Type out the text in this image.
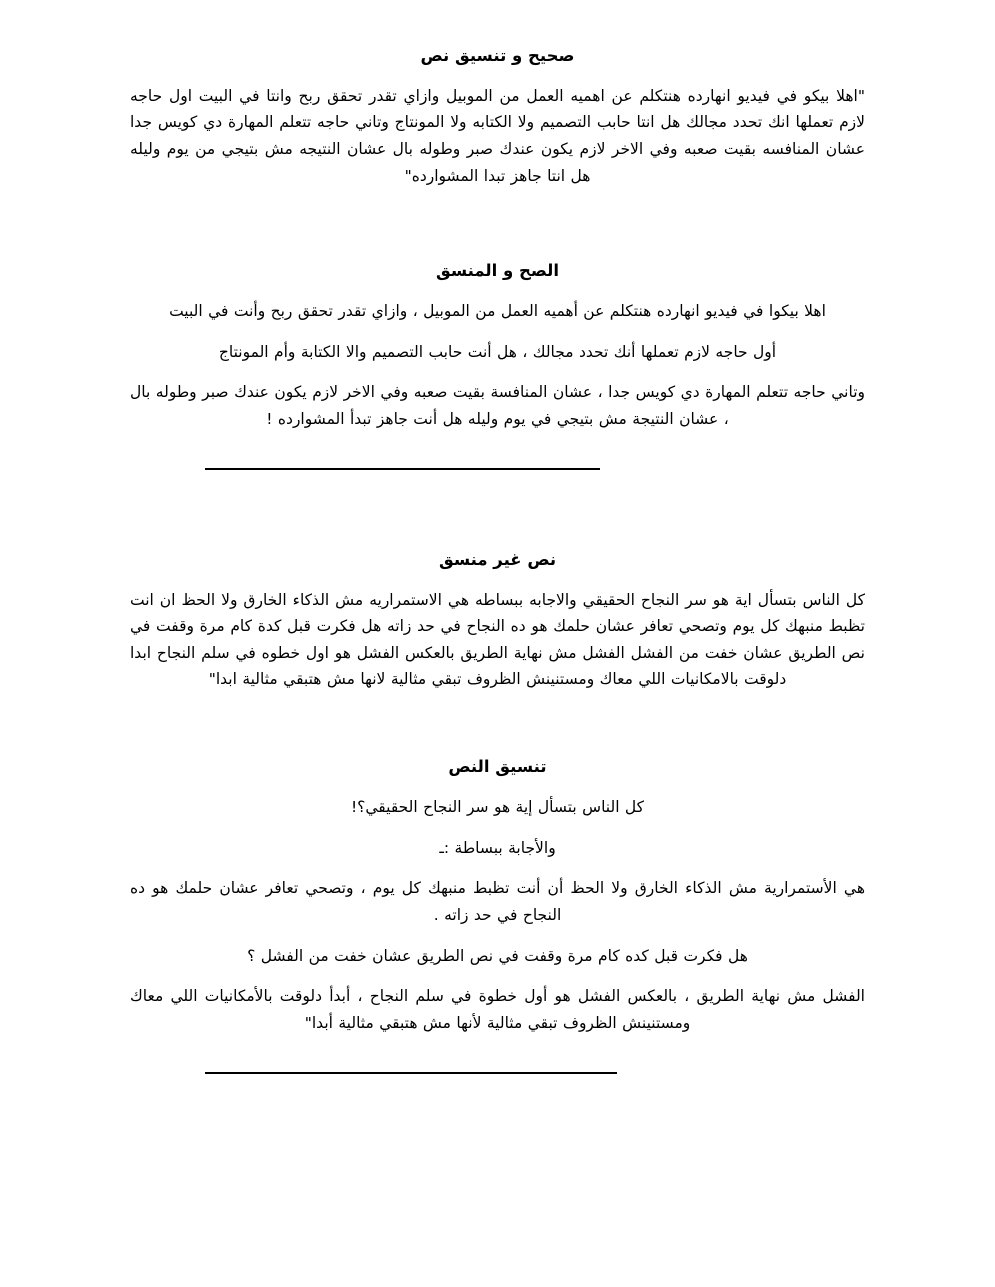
صحيح و تنسيق نص

"اهلا بيكو في فيديو انهارده هنتكلم عن اهميه العمل من الموبيل وازاي تقدر تحقق ربح وانتا في البيت اول حاجه لازم تعملها انك تحدد مجالك هل انتا حابب التصميم ولا الكتابه ولا المونتاج وتاني حاجه تتعلم المهارة دي كويس جدا عشان المنافسه بقيت صعبه وفي الاخر لازم يكون عندك صبر وطوله بال عشان النتيجه مش بتيجي من يوم وليله هل انتا جاهز تبدا المشوارده"

الصح و المنسق

اهلا بيكوا في فيديو انهارده هنتكلم عن أهميه العمل من الموبيل ، وازاي تقدر تحقق ربح وأنت في البيت

أول حاجه لازم تعملها أنك تحدد مجالك ، هل أنت حابب التصميم والا الكتابة وأم المونتاج

وتاني حاجه تتعلم المهارة دي كويس جدا ، عشان المنافسة بقيت صعبه وفي الاخر لازم يكون عندك صبر وطوله بال ، عشان النتيجة مش بتيجي في يوم وليله هل أنت جاهز تبدأ المشوارده !

نص غير منسق

كل الناس بتسأل اية هو سر النجاح الحقيقي والاجابه ببساطه هي الاستمراريه مش الذكاء الخارق ولا الحظ ان انت تظبط منبهك كل يوم وتصحي تعافر عشان حلمك هو ده النجاح في حد زاته هل فكرت قبل كدة كام مرة وقفت في نص الطريق عشان خفت من الفشل الفشل مش نهاية الطريق بالعكس الفشل هو اول خطوه في سلم النجاح ابدا دلوقت بالامكانيات اللي معاك ومستنينش الظروف تبقي مثالية لانها مش هتبقي مثالية ابدا"

تنسيق النص

كل الناس بتسأل إية هو سر النجاح الحقيقي؟!

والأجابة ببساطة :ـ

هي الأستمرارية مش الذكاء الخارق ولا الحظ أن أنت تظبط منبهك كل يوم ، وتصحي تعافر عشان حلمك هو ده النجاح في حد زاته .

هل فكرت قبل كده كام مرة وقفت في نص الطريق عشان خفت من الفشل ؟

الفشل مش نهاية الطريق ، بالعكس الفشل هو أول خطوة في سلم النجاح ، أبدأ دلوقت بالأمكانيات اللي معاك ومستنينش الظروف تبقي مثالية لأنها مش هتبقي مثالية أبدا"
